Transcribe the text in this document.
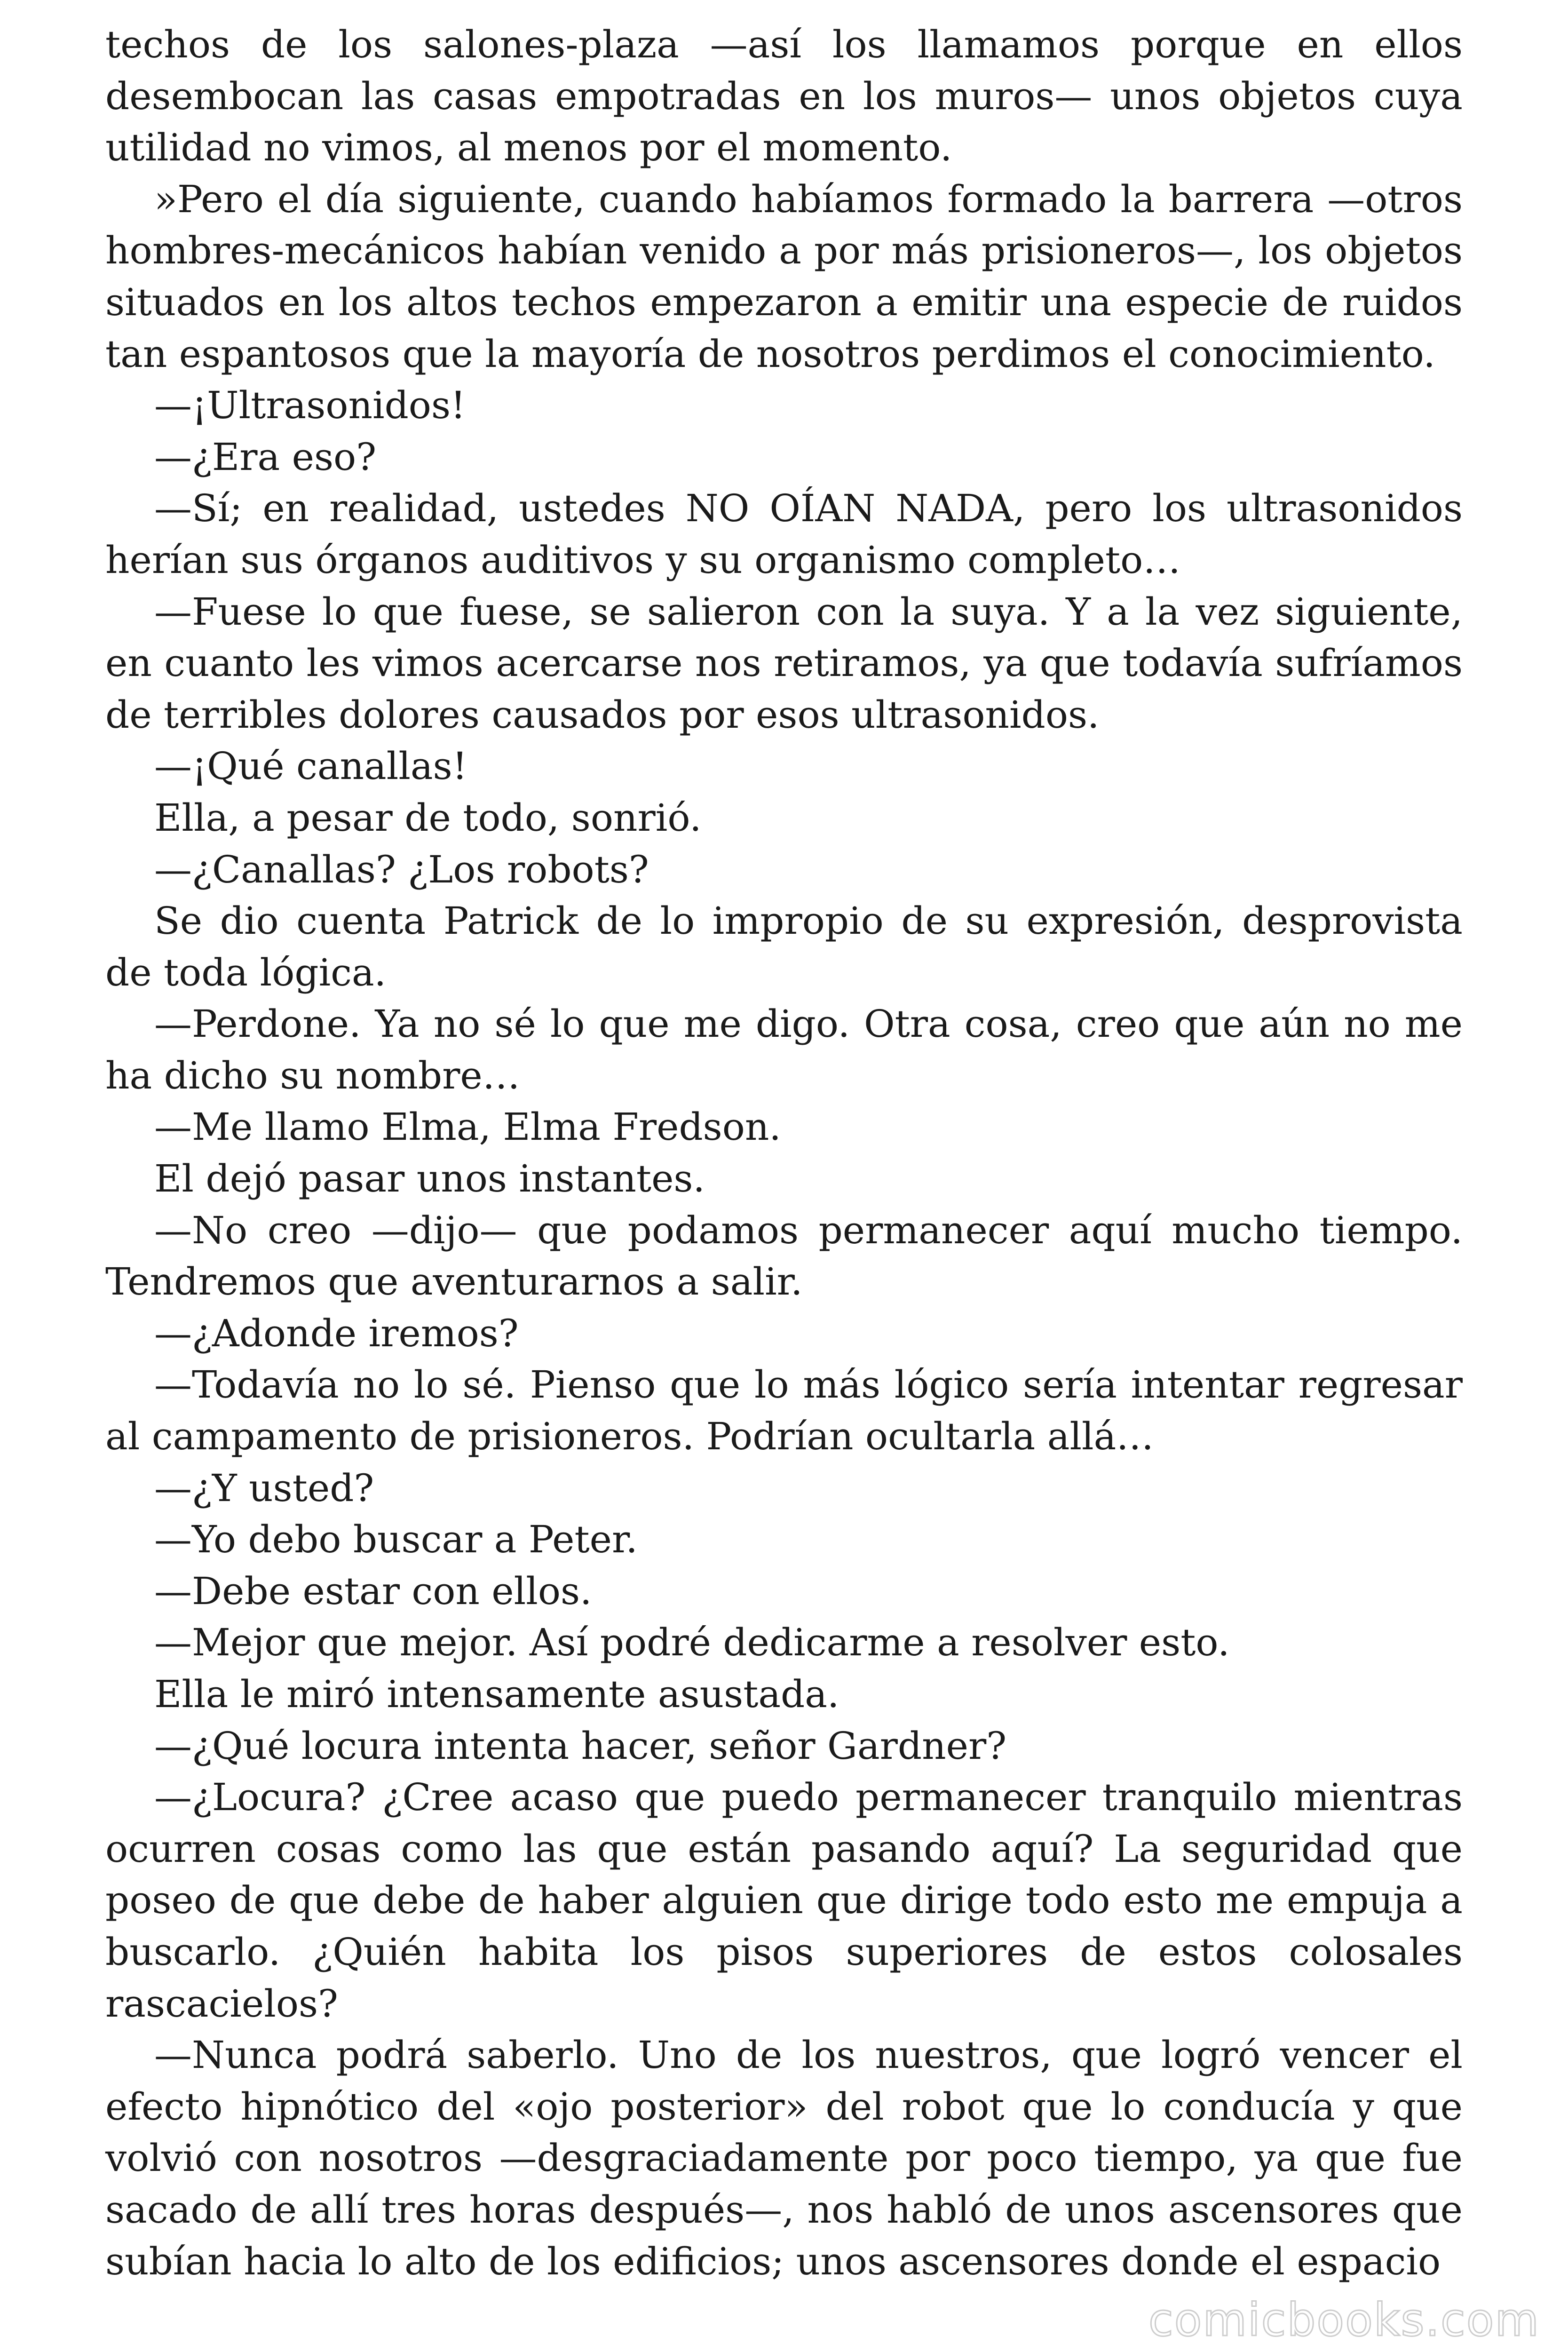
techos de los salones-plaza —así los llamamos porque en ellos desembocan las casas empotradas en los muros— unos objetos cuya utilidad no vimos, al menos por el momento.

»Pero el día siguiente, cuando habíamos formado la barrera —otros hombres-mecánicos habían venido a por más prisioneros—, los objetos situados en los altos techos empezaron a emitir una especie de ruidos tan espantosos que la mayoría de nosotros perdimos el conocimiento.

—¡Ultrasonidos!

—¿Era eso?

—Sí; en realidad, ustedes NO OÍAN NADA, pero los ultrasonidos herían sus órganos auditivos y su organismo completo…

—Fuese lo que fuese, se salieron con la suya. Y a la vez siguiente, en cuanto les vimos acercarse nos retiramos, ya que todavía sufríamos de terribles dolores causados por esos ultrasonidos.

—¡Qué canallas!

Ella, a pesar de todo, sonrió.

—¿Canallas? ¿Los robots?

Se dio cuenta Patrick de lo impropio de su expresión, desprovista de toda lógica.

—Perdone. Ya no sé lo que me digo. Otra cosa, creo que aún no me ha dicho su nombre…

—Me llamo Elma, Elma Fredson.

El dejó pasar unos instantes.

—No creo —dijo— que podamos permanecer aquí mucho tiempo. Tendremos que aventurarnos a salir.

—¿Adonde iremos?

—Todavía no lo sé. Pienso que lo más lógico sería intentar regresar al campamento de prisioneros. Podrían ocultarla allá…

—¿Y usted?

—Yo debo buscar a Peter.

—Debe estar con ellos.

—Mejor que mejor. Así podré dedicarme a resolver esto.

Ella le miró intensamente asustada.

—¿Qué locura intenta hacer, señor Gardner?

—¿Locura? ¿Cree acaso que puedo permanecer tranquilo mientras ocurren cosas como las que están pasando aquí? La seguridad que poseo de que debe de haber alguien que dirige todo esto me empuja a buscarlo. ¿Quién habita los pisos superiores de estos colosales rascacielos?

—Nunca podrá saberlo. Uno de los nuestros, que logró vencer el efecto hipnótico del «ojo posterior» del robot que lo conducía y que volvió con nosotros —desgraciadamente por poco tiempo, ya que fue sacado de allí tres horas después—, nos habló de unos ascensores que subían hacia lo alto de los edificios; unos ascensores donde el espacio

comicbooks.com
